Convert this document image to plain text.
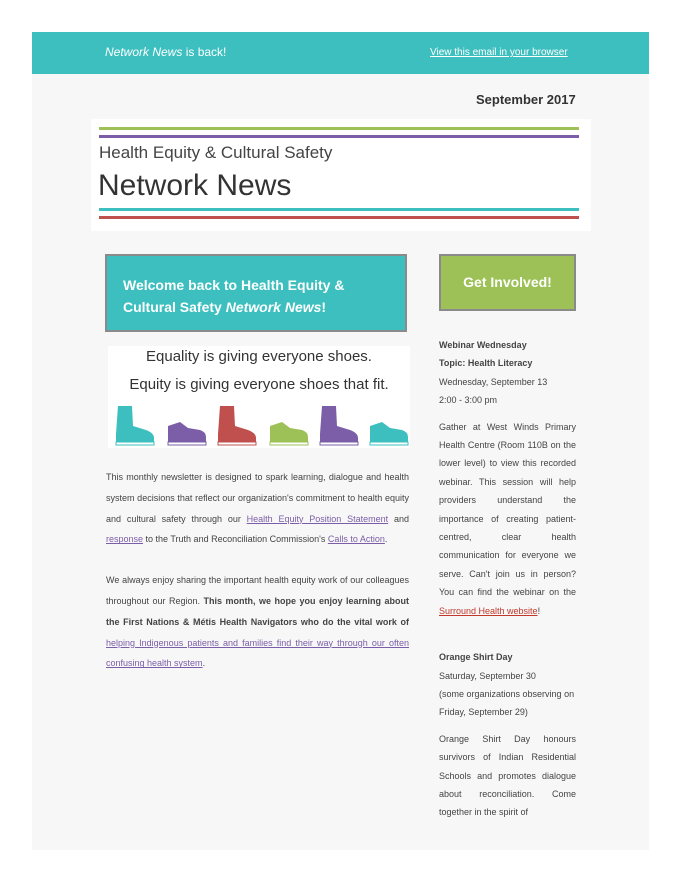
Network News is back!	View this email in your browser
September 2017
Health Equity & Cultural Safety
Network News
Welcome back to Health Equity & Cultural Safety Network News!
Get Involved!
Equality is giving everyone shoes.
Equity is giving everyone shoes that fit.

This monthly newsletter is designed to spark learning, dialogue and health system decisions that reflect our organization's commitment to health equity and cultural safety through our Health Equity Position Statement and response to the Truth and Reconciliation Commission's Calls to Action.

We always enjoy sharing the important health equity work of our colleagues throughout our Region. This month, we hope you enjoy learning about the First Nations & Métis Health Navigators who do the vital work of helping Indigenous patients and families find their way through our often confusing health system.

Webinar Wednesday
Topic: Health Literacy
Wednesday, September 13
2:00 - 3:00 pm

Gather at West Winds Primary Health Centre (Room 110B on the lower level) to view this recorded webinar. This session will help providers understand the importance of creating patient-centred, clear health communication for everyone we serve. Can't join us in person? You can find the webinar on the Surround Health website!

Orange Shirt Day
Saturday, September 30
(some organizations observing on Friday, September 29)

Orange Shirt Day honours survivors of Indian Residential Schools and promotes dialogue about reconciliation. Come together in the spirit of
